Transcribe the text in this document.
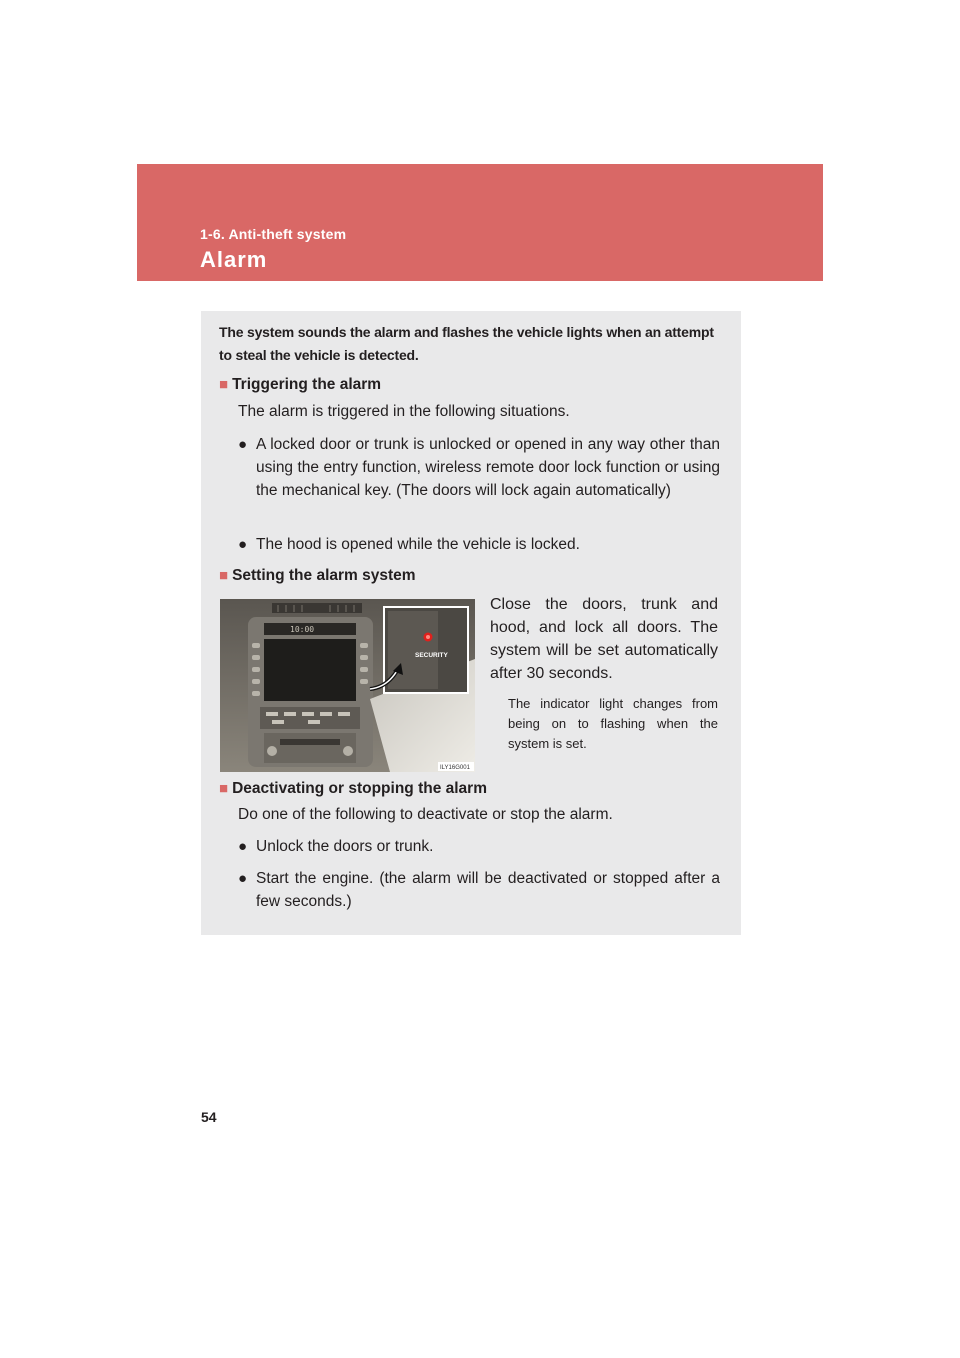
1-6. Anti-theft system
Alarm
The system sounds the alarm and flashes the vehicle lights when an attempt to steal the vehicle is detected.
■ Triggering the alarm
The alarm is triggered in the following situations.
● A locked door or trunk is unlocked or opened in any way other than using the entry function, wireless remote door lock function or using the mechanical key. (The doors will lock again automatically)
● The hood is opened while the vehicle is locked.
■ Setting the alarm system
10:00
SECURITY
ILY16G001
Close the doors, trunk and hood, and lock all doors. The system will be set automatically after 30 seconds.
The indicator light changes from being on to flashing when the system is set.
■ Deactivating or stopping the alarm
Do one of the following to deactivate or stop the alarm.
● Unlock the doors or trunk.
● Start the engine. (the alarm will be deactivated or stopped after a few seconds.)
54
